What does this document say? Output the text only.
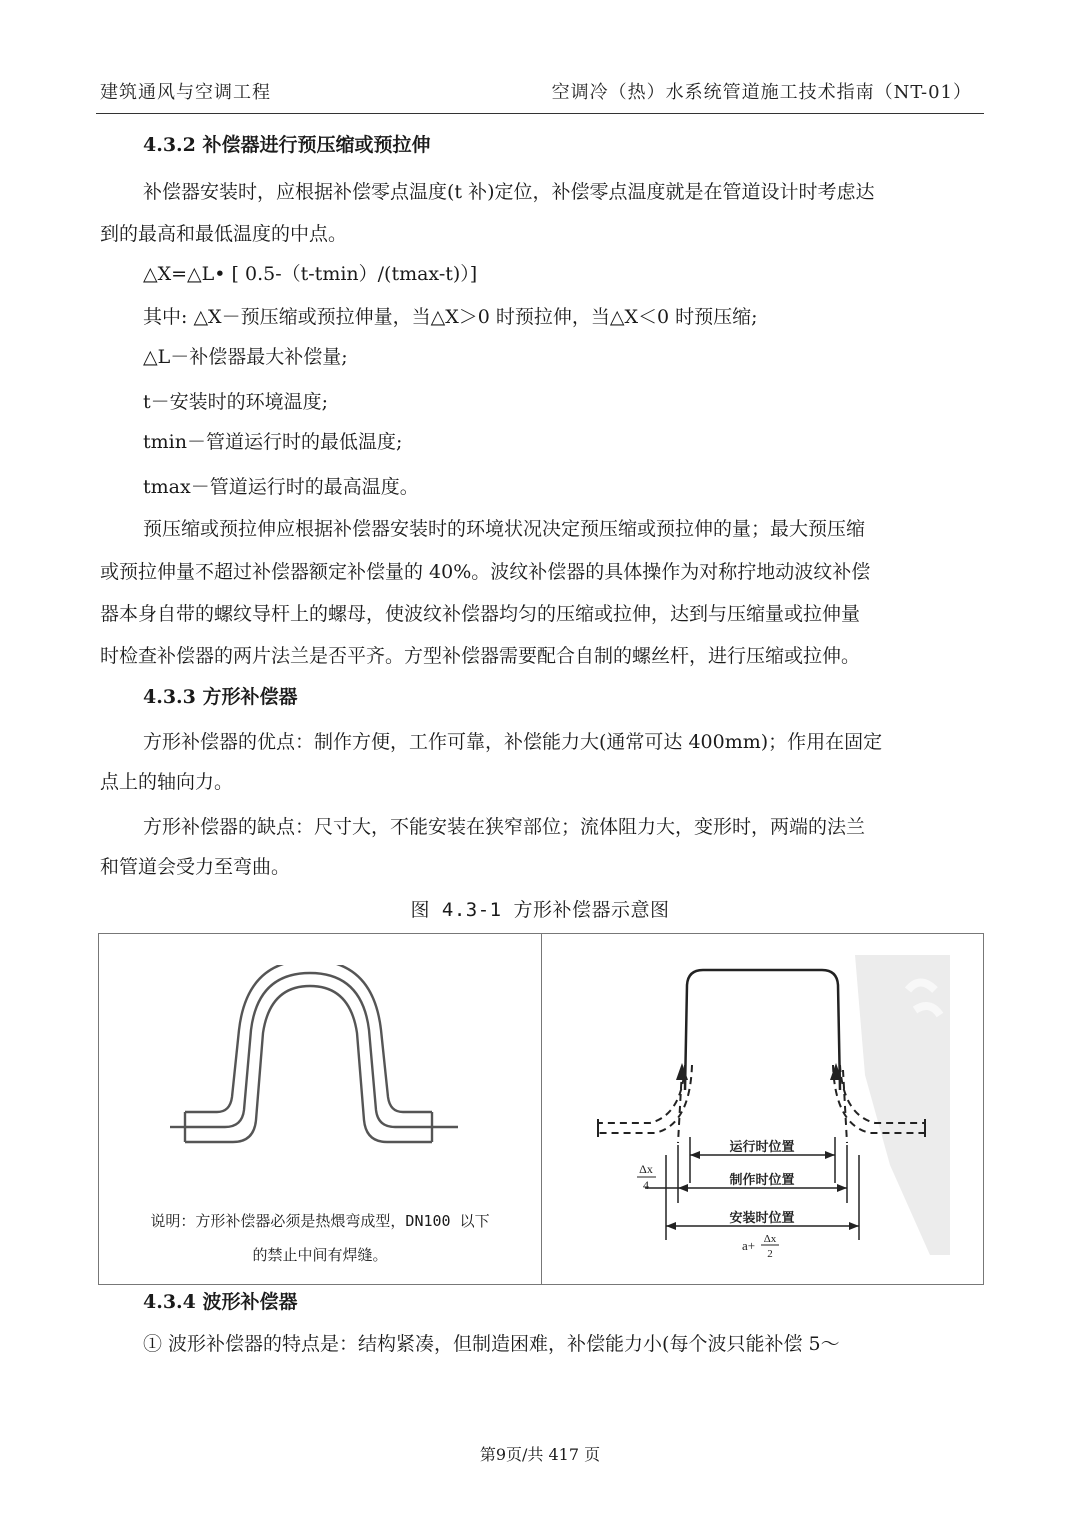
建筑通风与空调工程	空调冷（热）水系统管道施工技术指南（NT-01）
4.3.2 补偿器进行预压缩或预拉伸
补偿器安装时，应根据补偿零点温度(t 补)定位，补偿零点温度就是在管道设计时考虑达
到的最高和最低温度的中点。
△X=△L• [ 0.5-（t-tmin）/(tmax-t)）]
其中: △X－预压缩或预拉伸量，当△X＞0 时预拉伸，当△X＜0 时预压缩;
△L－补偿器最大补偿量;
t－安装时的环境温度;
tmin－管道运行时的最低温度;
tmax－管道运行时的最高温度。
预压缩或预拉伸应根据补偿器安装时的环境状况决定预压缩或预拉伸的量；最大预压缩
或预拉伸量不超过补偿器额定补偿量的 40%。波纹补偿器的具体操作为对称拧地动波纹补偿
器本身自带的螺纹导杆上的螺母，使波纹补偿器均匀的压缩或拉伸，达到与压缩量或拉伸量
时检查补偿器的两片法兰是否平齐。方型补偿器需要配合自制的螺丝杆，进行压缩或拉伸。
4.3.3 方形补偿器
方形补偿器的优点：制作方便，工作可靠，补偿能力大(通常可达 400mm)；作用在固定
点上的轴向力。
方形补偿器的缺点：尺寸大，不能安装在狭窄部位；流体阻力大，变形时，两端的法兰
和管道会受力至弯曲。
图 4.3-1 方形补偿器示意图
说明：方形补偿器必须是热煨弯成型，DN100 以下
的禁止中间有焊缝。
运行时位置
制作时位置
安装时位置
Δx
4
a+ Δx
2
4.3.4 波形补偿器
① 波形补偿器的特点是：结构紧凑，但制造困难，补偿能力小(每个波只能补偿 5～
第9页/共 417 页
